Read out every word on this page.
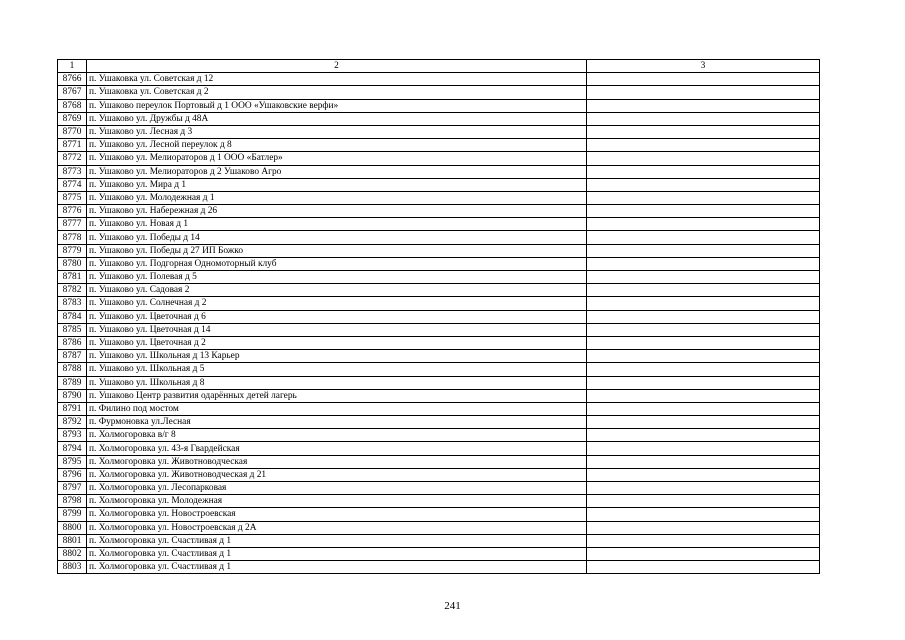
1	2	3
8766	п. Ушаковка ул. Советская д 12	
8767	п. Ушаковка ул. Советская д 2	
8768	п. Ушаково переулок Портовый д 1 ООО «Ушаковские верфи»	
8769	п. Ушаково ул. Дружбы д 48А	
8770	п. Ушаково ул. Лесная д 3	
8771	п. Ушаково ул. Лесной переулок д 8	
8772	п. Ушаково ул. Мелиораторов д 1 ООО «Батлер»	
8773	п. Ушаково ул. Мелиораторов д 2 Ушаково Агро	
8774	п. Ушаково ул. Мира д 1	
8775	п. Ушаково ул. Молодежная д 1	
8776	п. Ушаково ул. Набережная д 26	
8777	п. Ушаково ул. Новая д 1	
8778	п. Ушаково ул. Победы д 14	
8779	п. Ушаково ул. Победы д 27 ИП Божко	
8780	п. Ушаково ул. Подгорная Одномоторный клуб	
8781	п. Ушаково ул. Полевая д 5	
8782	п. Ушаково ул. Садовая 2	
8783	п. Ушаково ул. Солнечная д 2	
8784	п. Ушаково ул. Цветочная д 6	
8785	п. Ушаково ул. Цветочная д 14	
8786	п. Ушаково ул. Цветочная д 2	
8787	п. Ушаково ул. Школьная д 13 Карьер	
8788	п. Ушаково ул. Школьная д 5	
8789	п. Ушаково ул. Школьная д 8	
8790	п. Ушаково Центр развития одарённых детей лагерь	
8791	п. Филино под мостом	
8792	п. Фурмоновка ул.Лесная	
8793	п. Холмогоровка в/г 8	
8794	п. Холмогоровка ул. 43-я Гвардейская	
8795	п. Холмогоровка ул. Животноводческая	
8796	п. Холмогоровка ул. Животноводческая д 21	
8797	п. Холмогоровка ул. Лесопарковая	
8798	п. Холмогоровка ул. Молодежная	
8799	п. Холмогоровка ул. Новостроевская	
8800	п. Холмогоровка ул. Новостроевская д 2А	
8801	п. Холмогоровка ул. Счастливая д 1	
8802	п. Холмогоровка ул. Счастливая д 1	
8803	п. Холмогоровка ул. Счастливая д 1	
241
